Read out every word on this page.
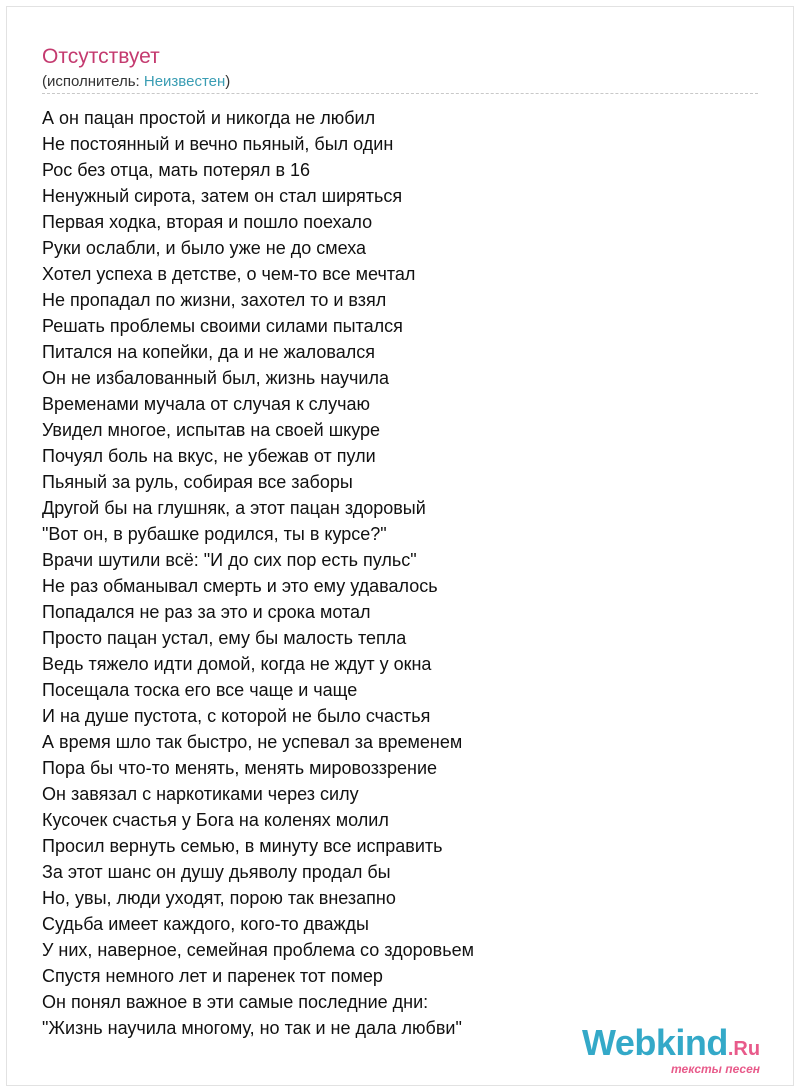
Отсутствует
(исполнитель: Неизвестен)
А он пацан простой и никогда не любил
Не постоянный и вечно пьяный, был один
Рос без отца, мать потерял в 16
Ненужный сирота, затем он стал ширяться
Первая ходка, вторая и пошло поехало
Руки ослабли, и было уже не до смеха
Хотел успеха в детстве, о чем-то все мечтал
Не пропадал по жизни, захотел то и взял
Решать проблемы своими силами пытался
Питался на копейки, да и не жаловался
Он не избалованный был, жизнь научила
Временами мучала от случая к случаю
Увидел многое, испытав на своей шкуре
Почуял боль на вкус, не убежав от пули
Пьяный за руль, собирая все заборы
Другой бы на глушняк, а этот пацан здоровый
"Вот он, в рубашке родился, ты в курсе?"
Врачи шутили всё: "И до сих пор есть пульс"
Не раз обманывал смерть и это ему удавалось
Попадался не раз за это и срока мотал
Просто пацан устал, ему бы малость тепла
Ведь тяжело идти домой, когда не ждут у окна
Посещала тоска его все чаще и чаще
И на душе пустота, с которой не было счастья
А время шло так быстро, не успевал за временем
Пора бы что-то менять, менять мировоззрение
Он завязал с наркотиками через силу
Кусочек счастья у Бога на коленях молил
Просил вернуть семью, в минуту все исправить
За этот шанс он душу дьяволу продал бы
Но, увы, люди уходят, порою так внезапно
Судьба имеет каждого, кого-то дважды
У них, наверное, семейная проблема со здоровьем
Спустя немного лет и паренек тот помер
Он понял важное в эти самые последние дни:
"Жизнь научила многому, но так и не дала любви"	Webkind.Ru
тексты песен
